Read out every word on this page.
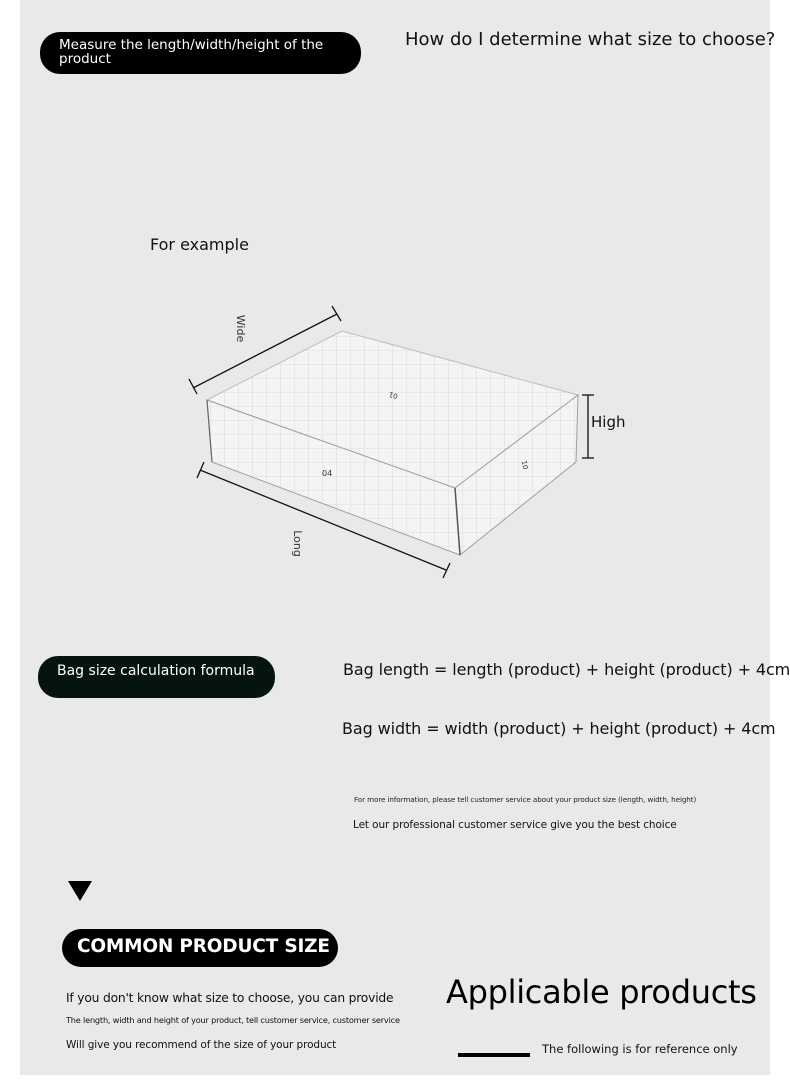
Measure the length/width/height of the product
How do I determine what size to choose?
For example
01
04
10
Wide
High
Long
Bag size calculation formula	Bag length = length (product) + height (product) + 4cm
Bag width = width (product) + height (product) + 4cm
For more information, please tell customer service about your product size (length, width, height)
Let our professional customer service give you the best choice
COMMON PRODUCT SIZE
If you don't know what size to choose, you can provide
The length, width and height of your product, tell customer service, customer service
Will give you recommend of the size of your product
Applicable products
The following is for reference only
